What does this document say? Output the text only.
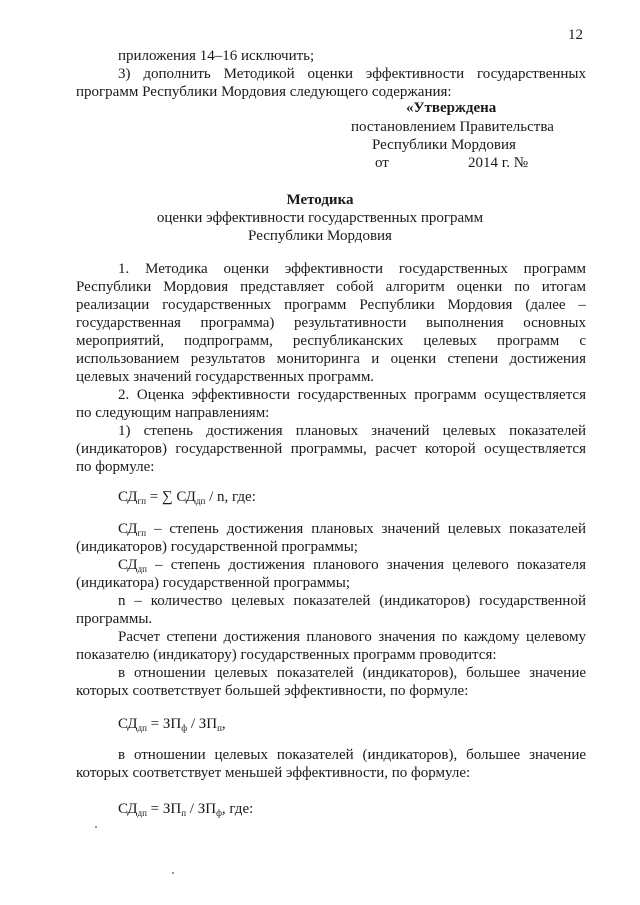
12
приложения 14–16 исключить;
3) дополнить Методикой оценки эффективности государственных
программ Республики Мордовия следующего содержания:
«Утверждена
постановлением Правительства
Республики Мордовия
от	2014 г. №
Методика
оценки эффективности государственных программ
Республики Мордовия
1. Методика оценки эффективности государственных программ
Республики Мордовия представляет собой алгоритм оценки по итогам
реализации государственных программ Республики Мордовия (далее –
государственная программа) результативности выполнения основных
мероприятий, подпрограмм, республиканских целевых программ с
использованием результатов мониторинга и оценки степени достижения
целевых значений государственных программ.
2. Оценка эффективности государственных программ осуществляется
по следующим направлениям:
1) степень достижения плановых значений целевых показателей
(индикаторов) государственной программы, расчет которой осуществляется
по формуле:
$СД_{гп}$ = ∑ $СД_{дп}$ / n, где:
$СД_{гп}$ – степень достижения плановых значений целевых показателей
(индикаторов) государственной программы;
$СД_{дп}$ – степень достижения планового значения целевого показателя
(индикатора) государственной программы;
n – количество целевых показателей (индикаторов) государственной
программы.
Расчет степени достижения планового значения по каждому целевому
показателю (индикатору) государственных программ проводится:
в отношении целевых показателей (индикаторов), большее значение
которых соответствует большей эффективности, по формуле:
$СД_{дп} = ЗП_ф / ЗП_п$,
в отношении целевых показателей (индикаторов), большее значение
которых соответствует меньшей эффективности, по формуле:
$СД_{дп} = ЗП_п / ЗП_ф$, где:
